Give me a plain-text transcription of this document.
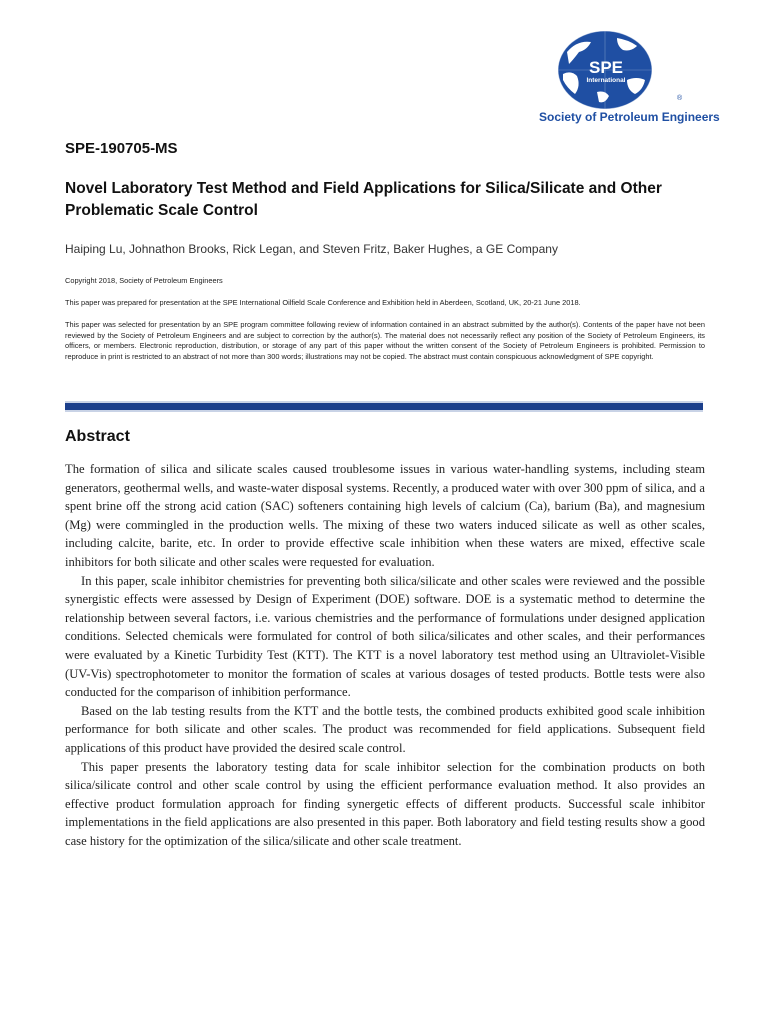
SPE
International
®
Society of Petroleum Engineers
SPE-190705-MS
Novel Laboratory Test Method and Field Applications for Silica/Silicate and Other Problematic Scale Control
Haiping Lu, Johnathon Brooks, Rick Legan, and Steven Fritz, Baker Hughes, a GE Company
Copyright 2018, Society of Petroleum Engineers
This paper was prepared for presentation at the SPE International Oilfield Scale Conference and Exhibition held in Aberdeen, Scotland, UK, 20-21 June 2018.
This paper was selected for presentation by an SPE program committee following review of information contained in an abstract submitted by the author(s). Contents of the paper have not been reviewed by the Society of Petroleum Engineers and are subject to correction by the author(s). The material does not necessarily reflect any position of the Society of Petroleum Engineers, its officers, or members. Electronic reproduction, distribution, or storage of any part of this paper without the written consent of the Society of Petroleum Engineers is prohibited. Permission to reproduce in print is restricted to an abstract of not more than 300 words; illustrations may not be copied. The abstract must contain conspicuous acknowledgment of SPE copyright.
Abstract

The formation of silica and silicate scales caused troublesome issues in various water-handling systems, including steam generators, geothermal wells, and waste-water disposal systems. Recently, a produced water with over 300 ppm of silica, and a spent brine off the strong acid cation (SAC) softeners containing high levels of calcium (Ca), barium (Ba), and magnesium (Mg) were commingled in the production wells. The mixing of these two waters induced silicate as well as other scales, including calcite, barite, etc. In order to provide effective scale inhibition when these waters are mixed, effective scale inhibitors for both silicate and other scales were requested for evaluation.

In this paper, scale inhibitor chemistries for preventing both silica/silicate and other scales were reviewed and the possible synergistic effects were assessed by Design of Experiment (DOE) software. DOE is a systematic method to determine the relationship between several factors, i.e. various chemistries and the performance of formulations under designed application conditions. Selected chemicals were formulated for control of both silica/silicates and other scales, and their performances were evaluated by a Kinetic Turbidity Test (KTT). The KTT is a novel laboratory test method using an Ultraviolet-Visible (UV-Vis) spectrophotometer to monitor the formation of scales at various dosages of tested products. Bottle tests were also conducted for the comparison of inhibition performance.

Based on the lab testing results from the KTT and the bottle tests, the combined products exhibited good scale inhibition performance for both silicate and other scales. The product was recommended for field applications. Subsequent field applications of this product have provided the desired scale control.

This paper presents the laboratory testing data for scale inhibitor selection for the combination products on both silica/silicate control and other scale control by using the efficient performance evaluation method. It also provides an effective product formulation approach for finding synergetic effects of different products. Successful scale inhibitor implementations in the field applications are also presented in this paper. Both laboratory and field testing results show a good case history for the optimization of the silica/silicate and other scale treatment.
